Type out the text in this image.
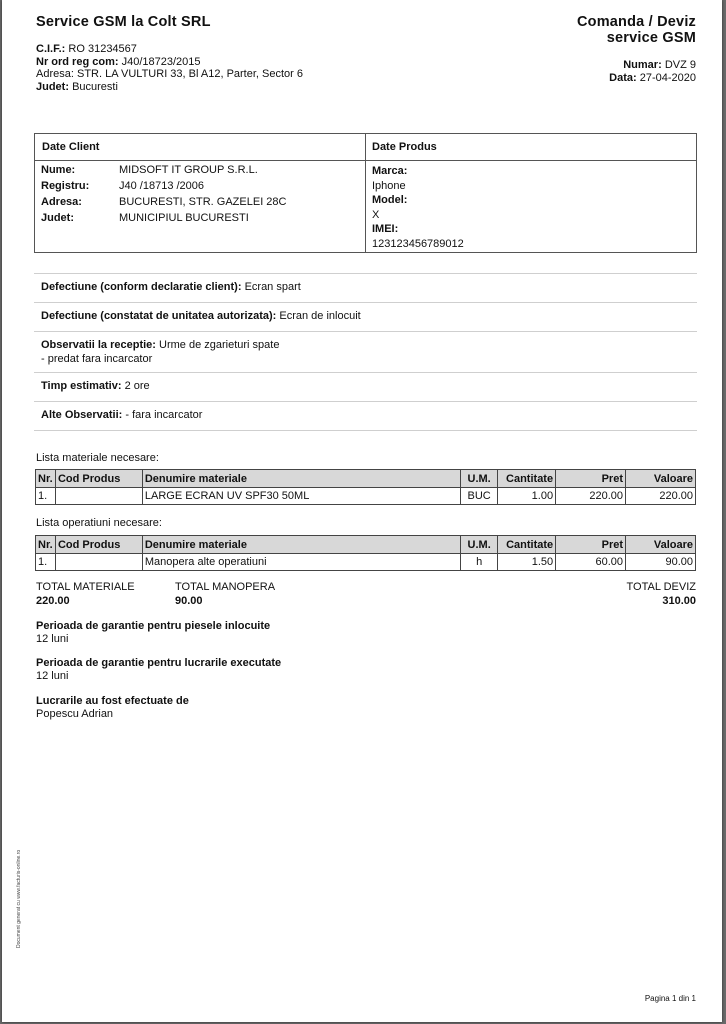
Service GSM la Colt SRL
C.I.F.: RO 31234567
Nr ord reg com: J40/18723/2015
Adresa: STR. LA VULTURI 33, Bl A12, Parter, Sector 6
Judet: Bucuresti
Comanda / Deviz
service GSM
Numar: DVZ 9
Data: 27-04-2020
Date Client	Date Produs
Nume:	MIDSOFT IT GROUP S.R.L.
Registru:	J40 /18713 /2006
Adresa:	BUCURESTI, STR. GAZELEI 28C
Judet:	MUNICIPIUL BUCURESTI
Marca:
Iphone
Model:
X
IMEI:
123123456789012
Defectiune (conform declaratie client): Ecran spart
Defectiune (constatat de unitatea autorizata): Ecran de inlocuit
Observatii la receptie: Urme de zgarieturi spate
- predat fara incarcator
Timp estimativ: 2 ore
Alte Observatii: - fara incarcator
Lista materiale necesare:
Nr.	Cod Produs	Denumire materiale	U.M.	Cantitate	Pret	Valoare
1.		LARGE ECRAN UV SPF30 50ML	BUC	1.00	220.00	220.00
Lista operatiuni necesare:
Nr.	Cod Produs	Denumire materiale	U.M.	Cantitate	Pret	Valoare
1.		Manopera alte operatiuni	h	1.50	60.00	90.00
TOTAL MATERIALE
220.00
TOTAL MANOPERA
90.00
TOTAL DEVIZ
310.00
Perioada de garantie pentru piesele inlocuite
12 luni
Perioada de garantie pentru lucrarile executate
12 luni
Lucrarile au fost efectuate de
Popescu Adrian
Document generat cu www.facturis-online.ro
Pagina 1 din 1
